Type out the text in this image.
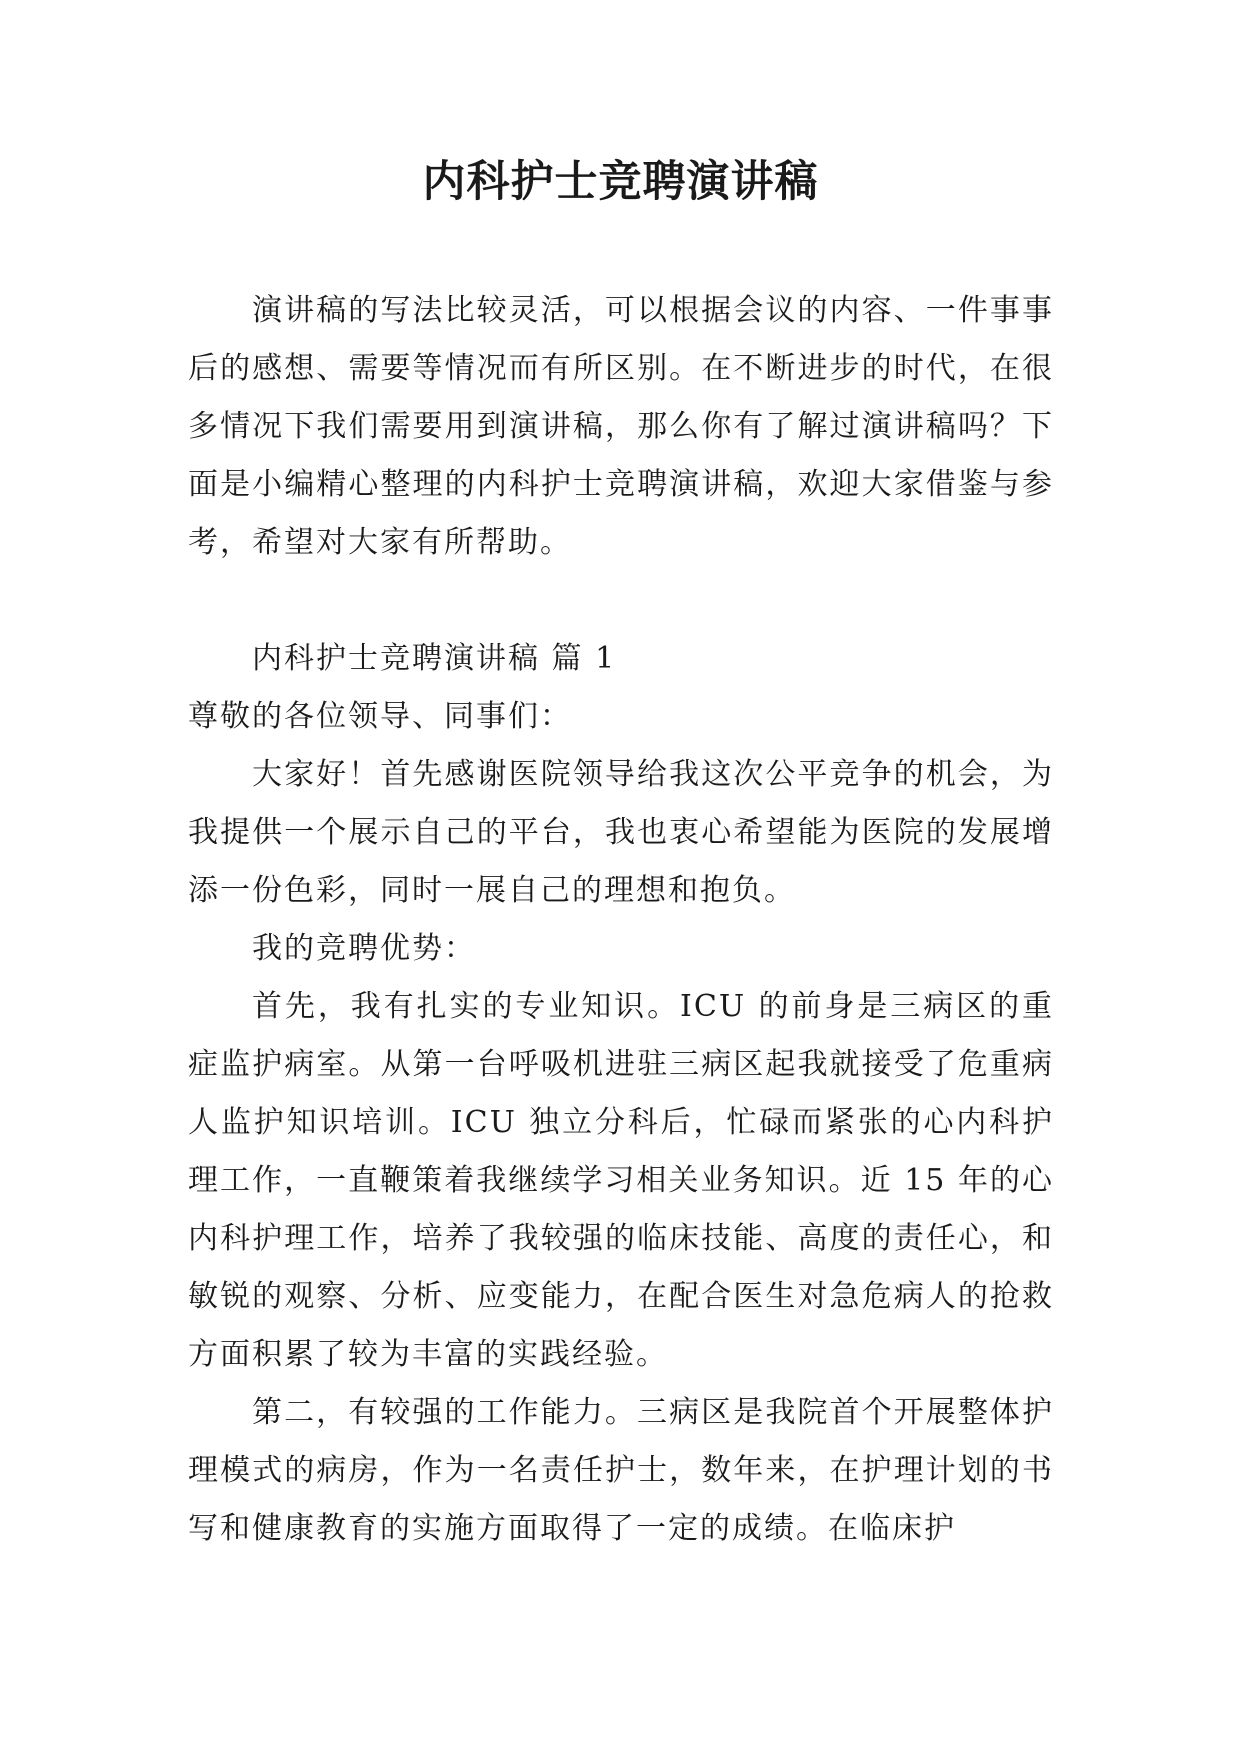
内科护士竞聘演讲稿

演讲稿的写法比较灵活，可以根据会议的内容、一件事事后的感想、需要等情况而有所区别。在不断进步的时代，在很多情况下我们需要用到演讲稿，那么你有了解过演讲稿吗？下面是小编精心整理的内科护士竞聘演讲稿，欢迎大家借鉴与参考，希望对大家有所帮助。

内科护士竞聘演讲稿 篇 1

尊敬的各位领导、同事们：

大家好！首先感谢医院领导给我这次公平竞争的机会，为我提供一个展示自己的平台，我也衷心希望能为医院的发展增添一份色彩，同时一展自己的理想和抱负。

我的竞聘优势：

首先，我有扎实的专业知识。ICU 的前身是三病区的重症监护病室。从第一台呼吸机进驻三病区起我就接受了危重病人监护知识培训。ICU 独立分科后，忙碌而紧张的心内科护理工作，一直鞭策着我继续学习相关业务知识。近 15 年的心内科护理工作，培养了我较强的临床技能、高度的责任心，和敏锐的观察、分析、应变能力，在配合医生对急危病人的抢救方面积累了较为丰富的实践经验。

第二，有较强的工作能力。三病区是我院首个开展整体护理模式的病房，作为一名责任护士，数年来，在护理计划的书写和健康教育的实施方面取得了一定的成绩。在临床护
